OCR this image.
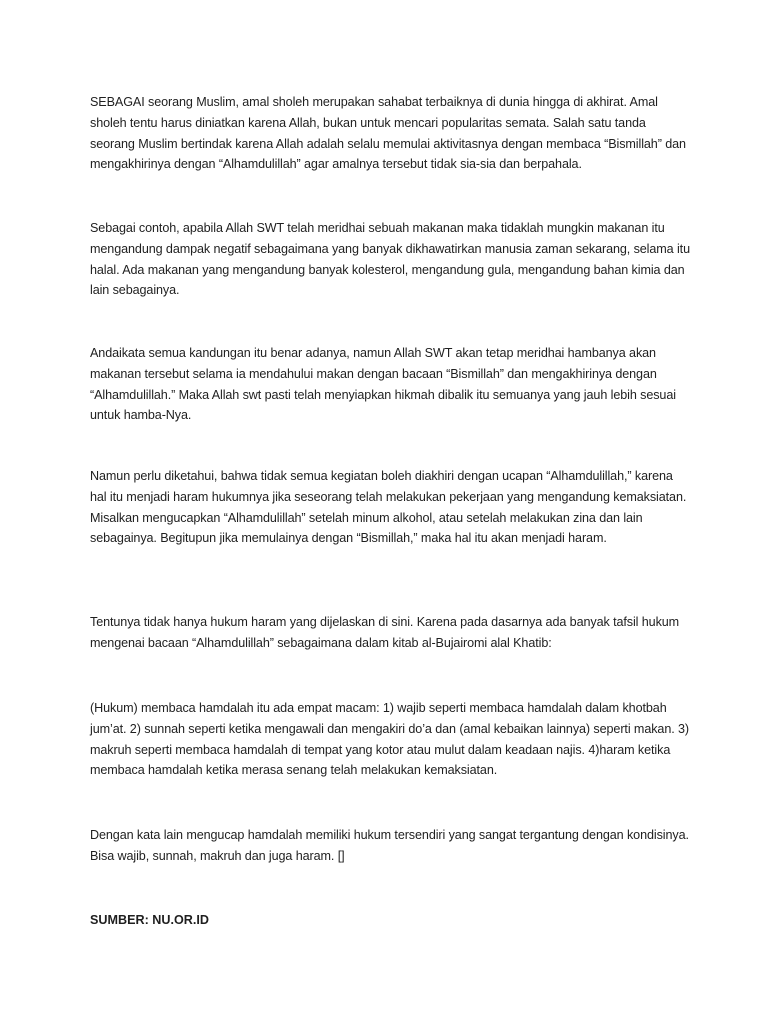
SEBAGAI seorang Muslim, amal sholeh merupakan sahabat terbaiknya di dunia hingga di akhirat. Amal sholeh tentu harus diniatkan karena Allah, bukan untuk mencari popularitas semata. Salah satu tanda seorang Muslim bertindak karena Allah adalah selalu memulai aktivitasnya dengan membaca “Bismillah” dan mengakhirinya dengan “Alhamdulillah” agar amalnya tersebut tidak sia-sia dan berpahala.

Sebagai contoh, apabila Allah SWT telah meridhai sebuah makanan maka tidaklah mungkin makanan itu mengandung dampak negatif sebagaimana yang banyak dikhawatirkan manusia zaman sekarang, selama itu halal. Ada makanan yang mengandung banyak kolesterol, mengandung gula, mengandung bahan kimia dan lain sebagainya.

Andaikata semua kandungan itu benar adanya, namun Allah SWT akan tetap meridhai hambanya akan makanan tersebut selama ia mendahului makan dengan bacaan “Bismillah” dan mengakhirinya dengan “Alhamdulillah.” Maka Allah swt pasti telah menyiapkan hikmah dibalik itu semuanya yang jauh lebih sesuai untuk hamba-Nya.

Namun perlu diketahui, bahwa tidak semua kegiatan boleh diakhiri dengan ucapan “Alhamdulillah,” karena hal itu menjadi haram hukumnya jika seseorang telah melakukan pekerjaan yang mengandung kemaksiatan. Misalkan mengucapkan “Alhamdulillah” setelah minum alkohol, atau setelah melakukan zina dan lain sebagainya. Begitupun jika memulainya dengan “Bismillah,” maka hal itu akan menjadi haram.

Tentunya tidak hanya hukum haram yang dijelaskan di sini. Karena pada dasarnya ada banyak tafsil hukum mengenai bacaan “Alhamdulillah” sebagaimana dalam kitab al-Bujairomi alal Khatib:

(Hukum) membaca hamdalah itu ada empat macam: 1) wajib seperti membaca hamdalah dalam khotbah jum’at. 2) sunnah seperti ketika mengawali dan mengakiri do’a dan (amal kebaikan lainnya) seperti makan. 3) makruh seperti membaca hamdalah di tempat yang kotor atau mulut dalam keadaan najis. 4)haram ketika membaca hamdalah ketika merasa senang telah melakukan kemaksiatan.

Dengan kata lain mengucap hamdalah memiliki hukum tersendiri yang sangat tergantung dengan kondisinya. Bisa wajib, sunnah, makruh dan juga haram. []

SUMBER: NU.OR.ID
